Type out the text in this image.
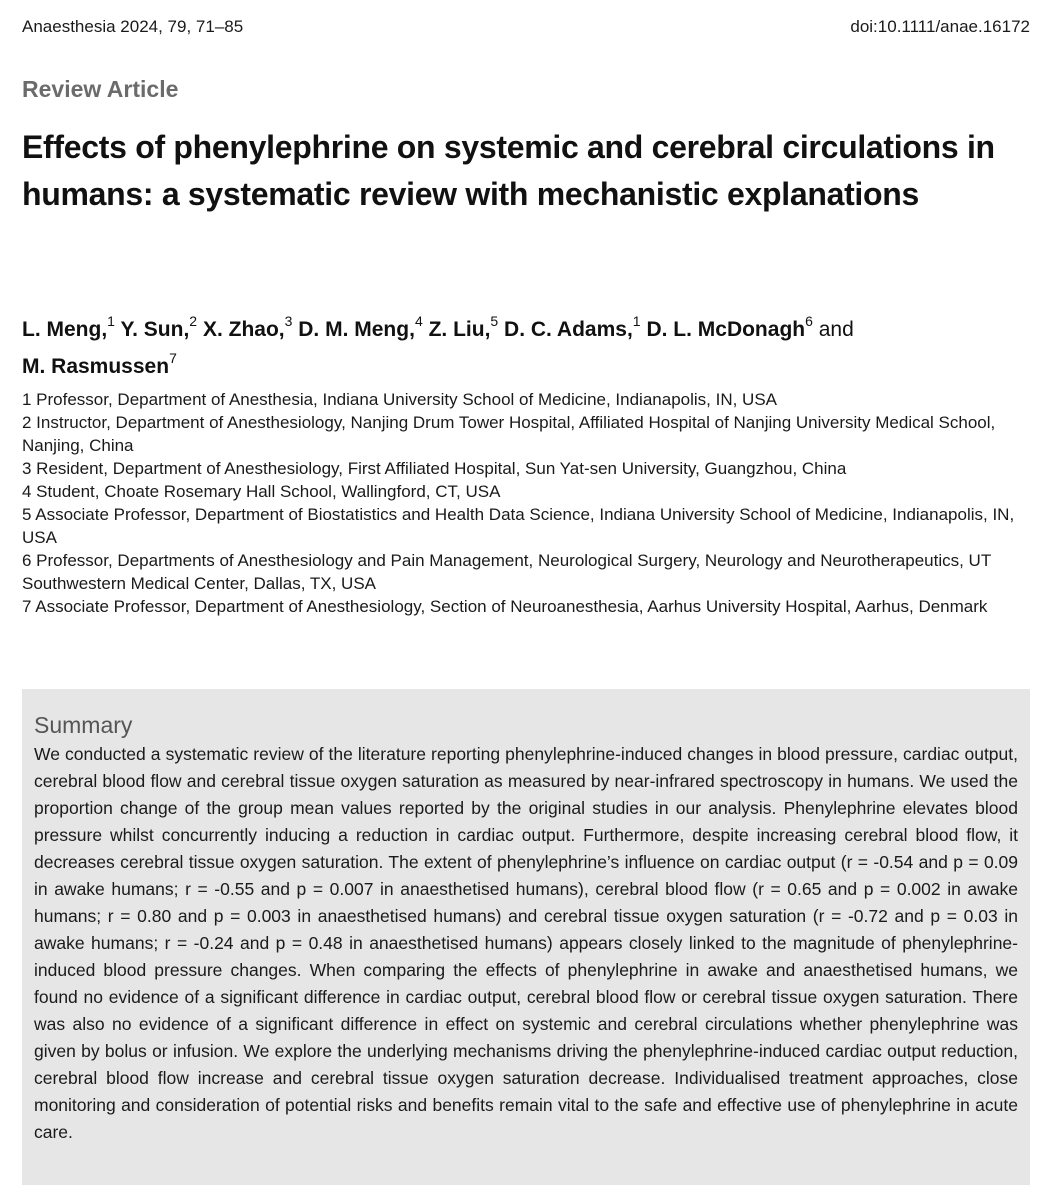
Anaesthesia 2024, 79, 71–85	doi:10.1111/anae.16172
Review Article
Effects of phenylephrine on systemic and cerebral circulations in humans: a systematic review with mechanistic explanations
L. Meng,$^1$ Y. Sun,$^2$ X. Zhao,$^3$ D. M. Meng,$^4$ Z. Liu,$^5$ D. C. Adams,$^1$ D. L. McDonagh$^6$ and
M. Rasmussen$^7$
1 Professor, Department of Anesthesia, Indiana University School of Medicine, Indianapolis, IN, USA
2 Instructor, Department of Anesthesiology, Nanjing Drum Tower Hospital, Affiliated Hospital of Nanjing University Medical School, Nanjing, China
3 Resident, Department of Anesthesiology, First Affiliated Hospital, Sun Yat-sen University, Guangzhou, China
4 Student, Choate Rosemary Hall School, Wallingford, CT, USA
5 Associate Professor, Department of Biostatistics and Health Data Science, Indiana University School of Medicine, Indianapolis, IN, USA
6 Professor, Departments of Anesthesiology and Pain Management, Neurological Surgery, Neurology and Neurotherapeutics, UT Southwestern Medical Center, Dallas, TX, USA
7 Associate Professor, Department of Anesthesiology, Section of Neuroanesthesia, Aarhus University Hospital, Aarhus, Denmark
Summary
We conducted a systematic review of the literature reporting phenylephrine-induced changes in blood pressure, cardiac output, cerebral blood flow and cerebral tissue oxygen saturation as measured by near-infrared spectroscopy in humans. We used the proportion change of the group mean values reported by the original studies in our analysis. Phenylephrine elevates blood pressure whilst concurrently inducing a reduction in cardiac output. Furthermore, despite increasing cerebral blood flow, it decreases cerebral tissue oxygen saturation. The extent of phenylephrine’s influence on cardiac output (r = -0.54 and p = 0.09 in awake humans; r = -0.55 and p = 0.007 in anaesthetised humans), cerebral blood flow (r = 0.65 and p = 0.002 in awake humans; r = 0.80 and p = 0.003 in anaesthetised humans) and cerebral tissue oxygen saturation (r = -0.72 and p = 0.03 in awake humans; r = -0.24 and p = 0.48 in anaesthetised humans) appears closely linked to the magnitude of phenylephrine-induced blood pressure changes. When comparing the effects of phenylephrine in awake and anaesthetised humans, we found no evidence of a significant difference in cardiac output, cerebral blood flow or cerebral tissue oxygen saturation. There was also no evidence of a significant difference in effect on systemic and cerebral circulations whether phenylephrine was given by bolus or infusion. We explore the underlying mechanisms driving the phenylephrine-induced cardiac output reduction, cerebral blood flow increase and cerebral tissue oxygen saturation decrease. Individualised treatment approaches, close monitoring and consideration of potential risks and benefits remain vital to the safe and effective use of phenylephrine in acute care.
